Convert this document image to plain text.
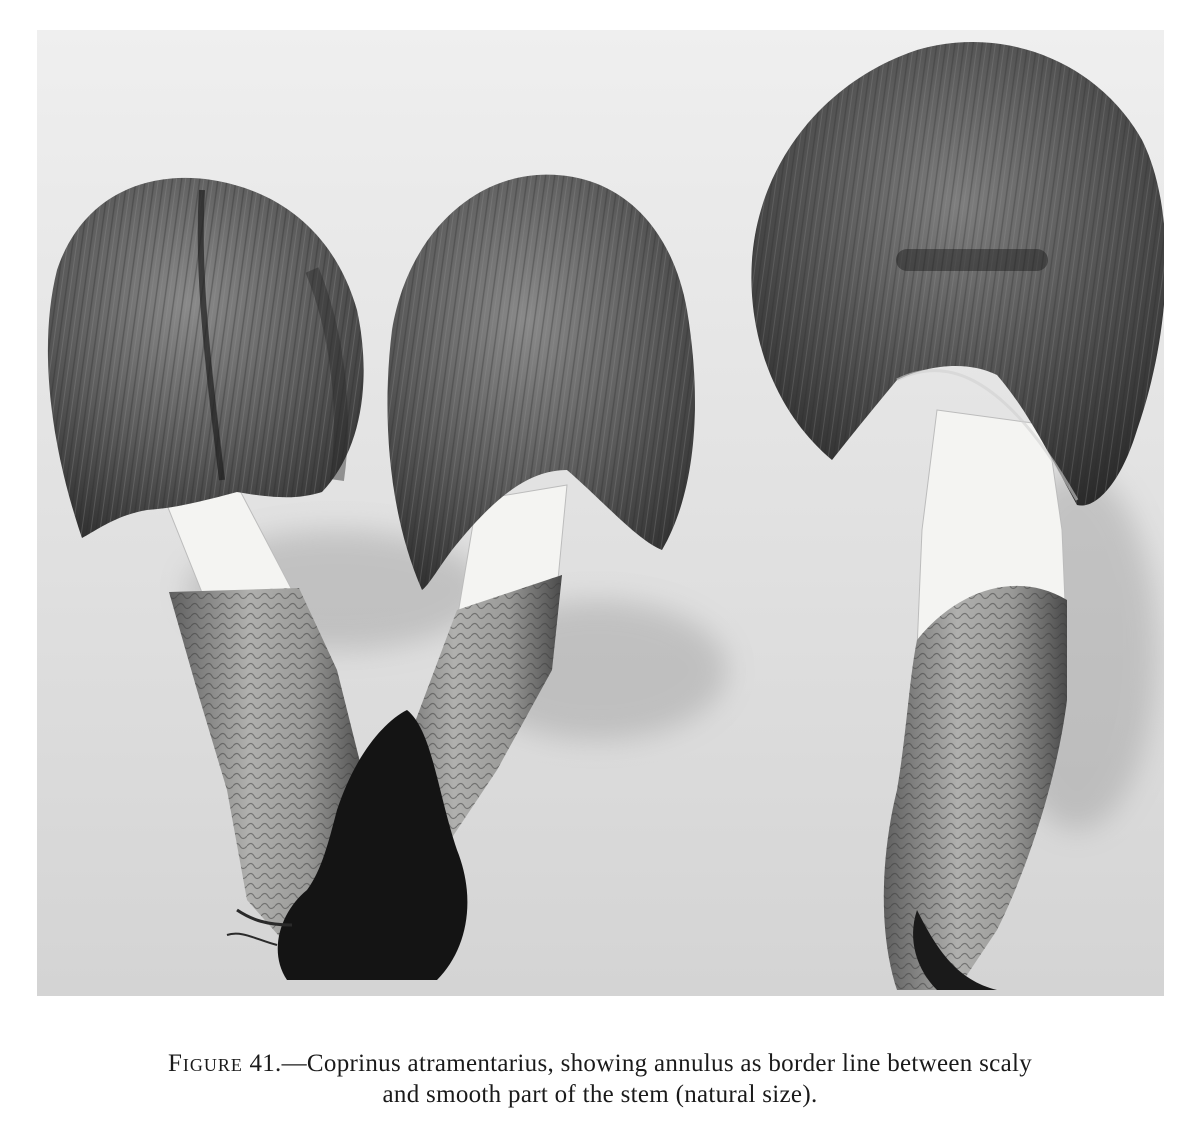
Figure 41.—Coprinus atramentarius, showing annulus as border line between scaly
and smooth part of the stem (natural size).
